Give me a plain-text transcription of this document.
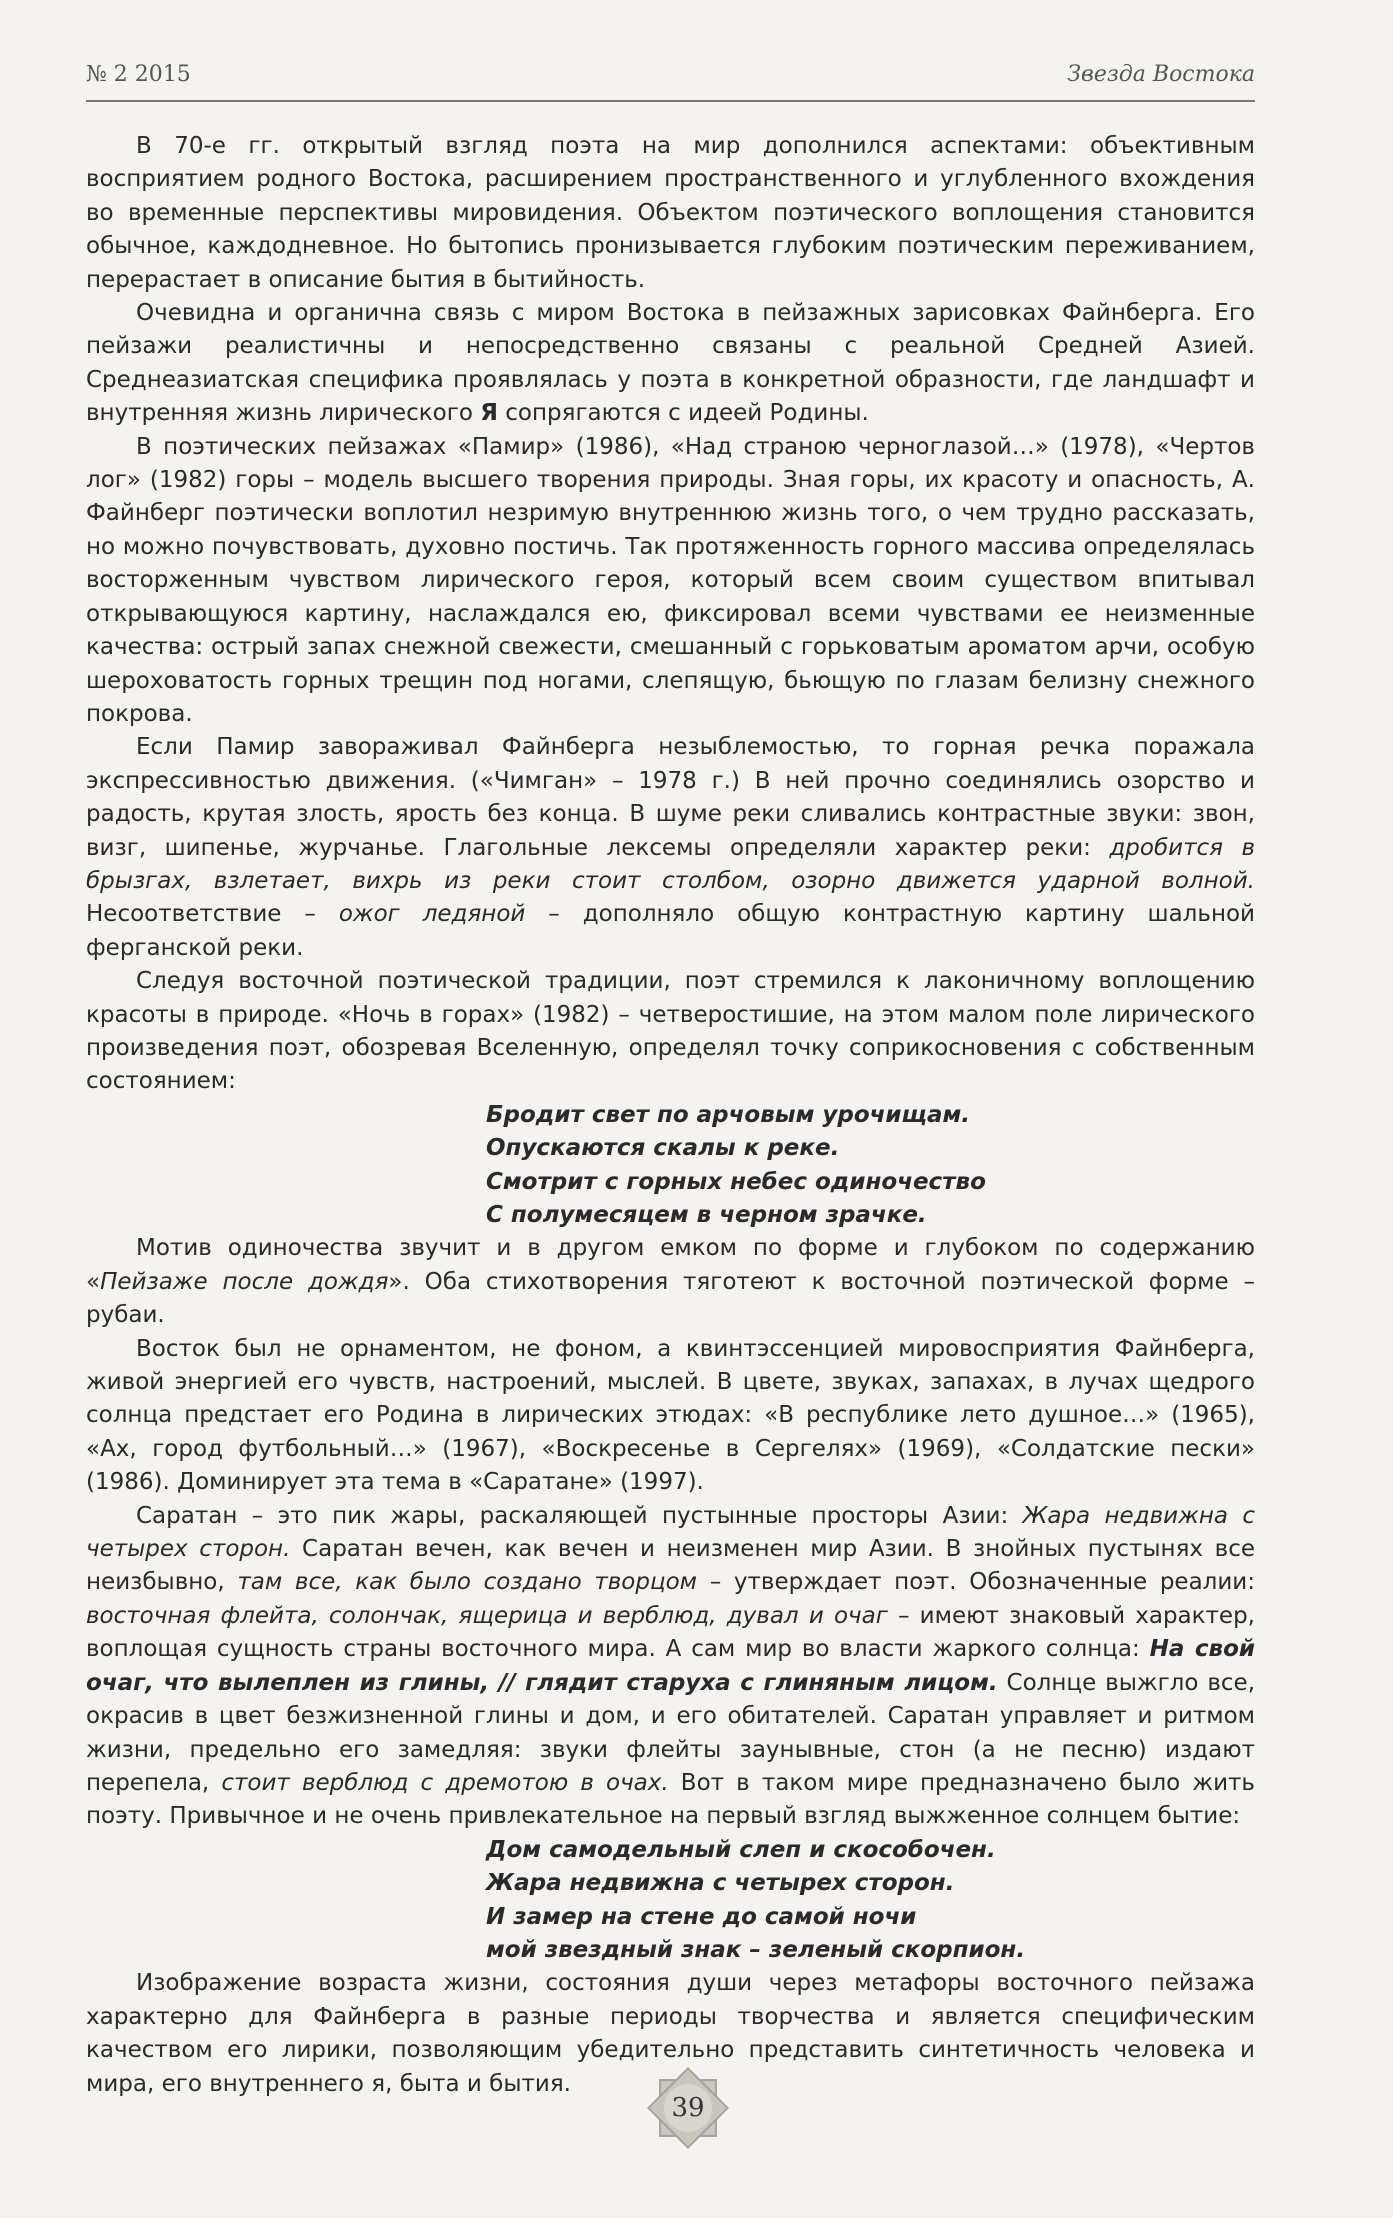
№ 2 2015	Звезда Востока

В 70-е гг. открытый взгляд поэта на мир дополнился аспектами: объективным восприятием родного Востока, расширением пространственного и углубленного вхождения во временные перспективы мировидения. Объектом поэтического воплощения становится обычное, каждодневное. Но бытопись пронизывается глубоким поэтическим переживанием, перерастает в описание бытия в бытийность.

Очевидна и органична связь с миром Востока в пейзажных зарисовках Файнберга. Его пейзажи реалистичны и непосредственно связаны с реальной Средней Азией. Среднеазиатская специфика проявлялась у поэта в конкретной образности, где ландшафт и внутренняя жизнь лирического Я сопрягаются с идеей Родины.

В поэтических пейзажах «Памир» (1986), «Над страною черноглазой…» (1978), «Чертов лог» (1982) горы – модель высшего творения природы. Зная горы, их красоту и опасность, А. Файнберг поэтически воплотил незримую внутреннюю жизнь того, о чем трудно рассказать, но можно почувствовать, духовно постичь. Так протяженность горного массива определялась восторженным чувством лирического героя, который всем своим существом впитывал открывающуюся картину, наслаждался ею, фиксировал всеми чувствами ее неизменные качества: острый запах снежной свежести, смешанный с горьковатым ароматом арчи, особую шероховатость горных трещин под ногами, слепящую, бьющую по глазам белизну снежного покрова.

Если Памир завораживал Файнберга незыблемостью, то горная речка поражала экспрессивностью движения. («Чимган» – 1978 г.) В ней прочно соединялись озорство и радость, крутая злость, ярость без конца. В шуме реки сливались контрастные звуки: звон, визг, шипенье, журчанье. Глагольные лексемы определяли характер реки: дробится в брызгах, взлетает, вихрь из реки стоит столбом, озорно движется ударной волной. Несоответствие – ожог ледяной – дополняло общую контрастную картину шальной ферганской реки.

Следуя восточной поэтической традиции, поэт стремился к лаконичному воплощению красоты в природе. «Ночь в горах» (1982) – четверостишие, на этом малом поле лирического произведения поэт, обозревая Вселенную, определял точку соприкосновения с собственным состоянием:

Бродит свет по арчовым урочищам.
Опускаются скалы к реке.
Смотрит с горных небес одиночество
С полумесяцем в черном зрачке.

Мотив одиночества звучит и в другом емком по форме и глубоком по содержанию «Пейзаже после дождя». Оба стихотворения тяготеют к восточной поэтической форме – рубаи.

Восток был не орнаментом, не фоном, а квинтэссенцией мировосприятия Файнберга, живой энергией его чувств, настроений, мыслей. В цвете, звуках, запахах, в лучах щедрого солнца предстает его Родина в лирических этюдах: «В республике лето душное…» (1965), «Ах, город футбольный…» (1967), «Воскресенье в Сергелях» (1969), «Солдатские пески» (1986). Доминирует эта тема в «Саратане» (1997).

Саратан – это пик жары, раскаляющей пустынные просторы Азии: Жара недвижна с четырех сторон. Саратан вечен, как вечен и неизменен мир Азии. В знойных пустынях все неизбывно, там все, как было создано творцом – утверждает поэт. Обозначенные реалии: восточная флейта, солончак, ящерица и верблюд, дувал и очаг – имеют знаковый характер, воплощая сущность страны восточного мира. А сам мир во власти жаркого солнца: На свой очаг, что вылеплен из глины, // глядит старуха с глиняным лицом. Солнце выжгло все, окрасив в цвет безжизненной глины и дом, и его обитателей. Саратан управляет и ритмом жизни, предельно его замедляя: звуки флейты заунывные, стон (а не песню) издают перепела, стоит верблюд с дремотою в очах. Вот в таком мире предназначено было жить поэту. Привычное и не очень привлекательное на первый взгляд выжженное солнцем бытие:

Дом самодельный слеп и скособочен.
Жара недвижна с четырех сторон.
И замер на стене до самой ночи
мой звездный знак – зеленый скорпион.

Изображение возраста жизни, состояния души через метафоры восточного пейзажа характерно для Файнберга в разные периоды творчества и является специфическим качеством его лирики, позволяющим убедительно представить синтетичность человека и мира, его внутреннего я, быта и бытия.

39
